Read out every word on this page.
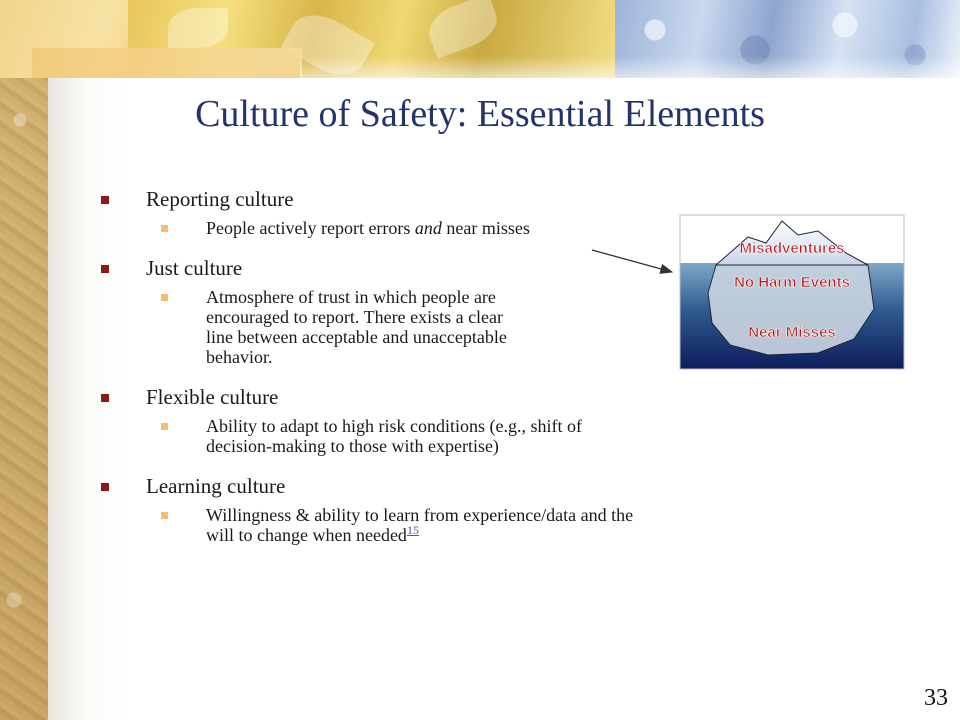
Culture of Safety: Essential Elements
Reporting culture
People actively report errors and near misses
Just culture
Atmosphere of trust in which people are
encouraged to report. There exists a clear
line between acceptable and unacceptable
behavior.
Flexible culture
Ability to adapt to high risk conditions (e.g., shift of
decision-making to those with expertise)
Learning culture
Willingness & ability to learn from experience/data and the
will to change when needed$^{15}$
Misadventures
No Harm Events
Near Misses
33
